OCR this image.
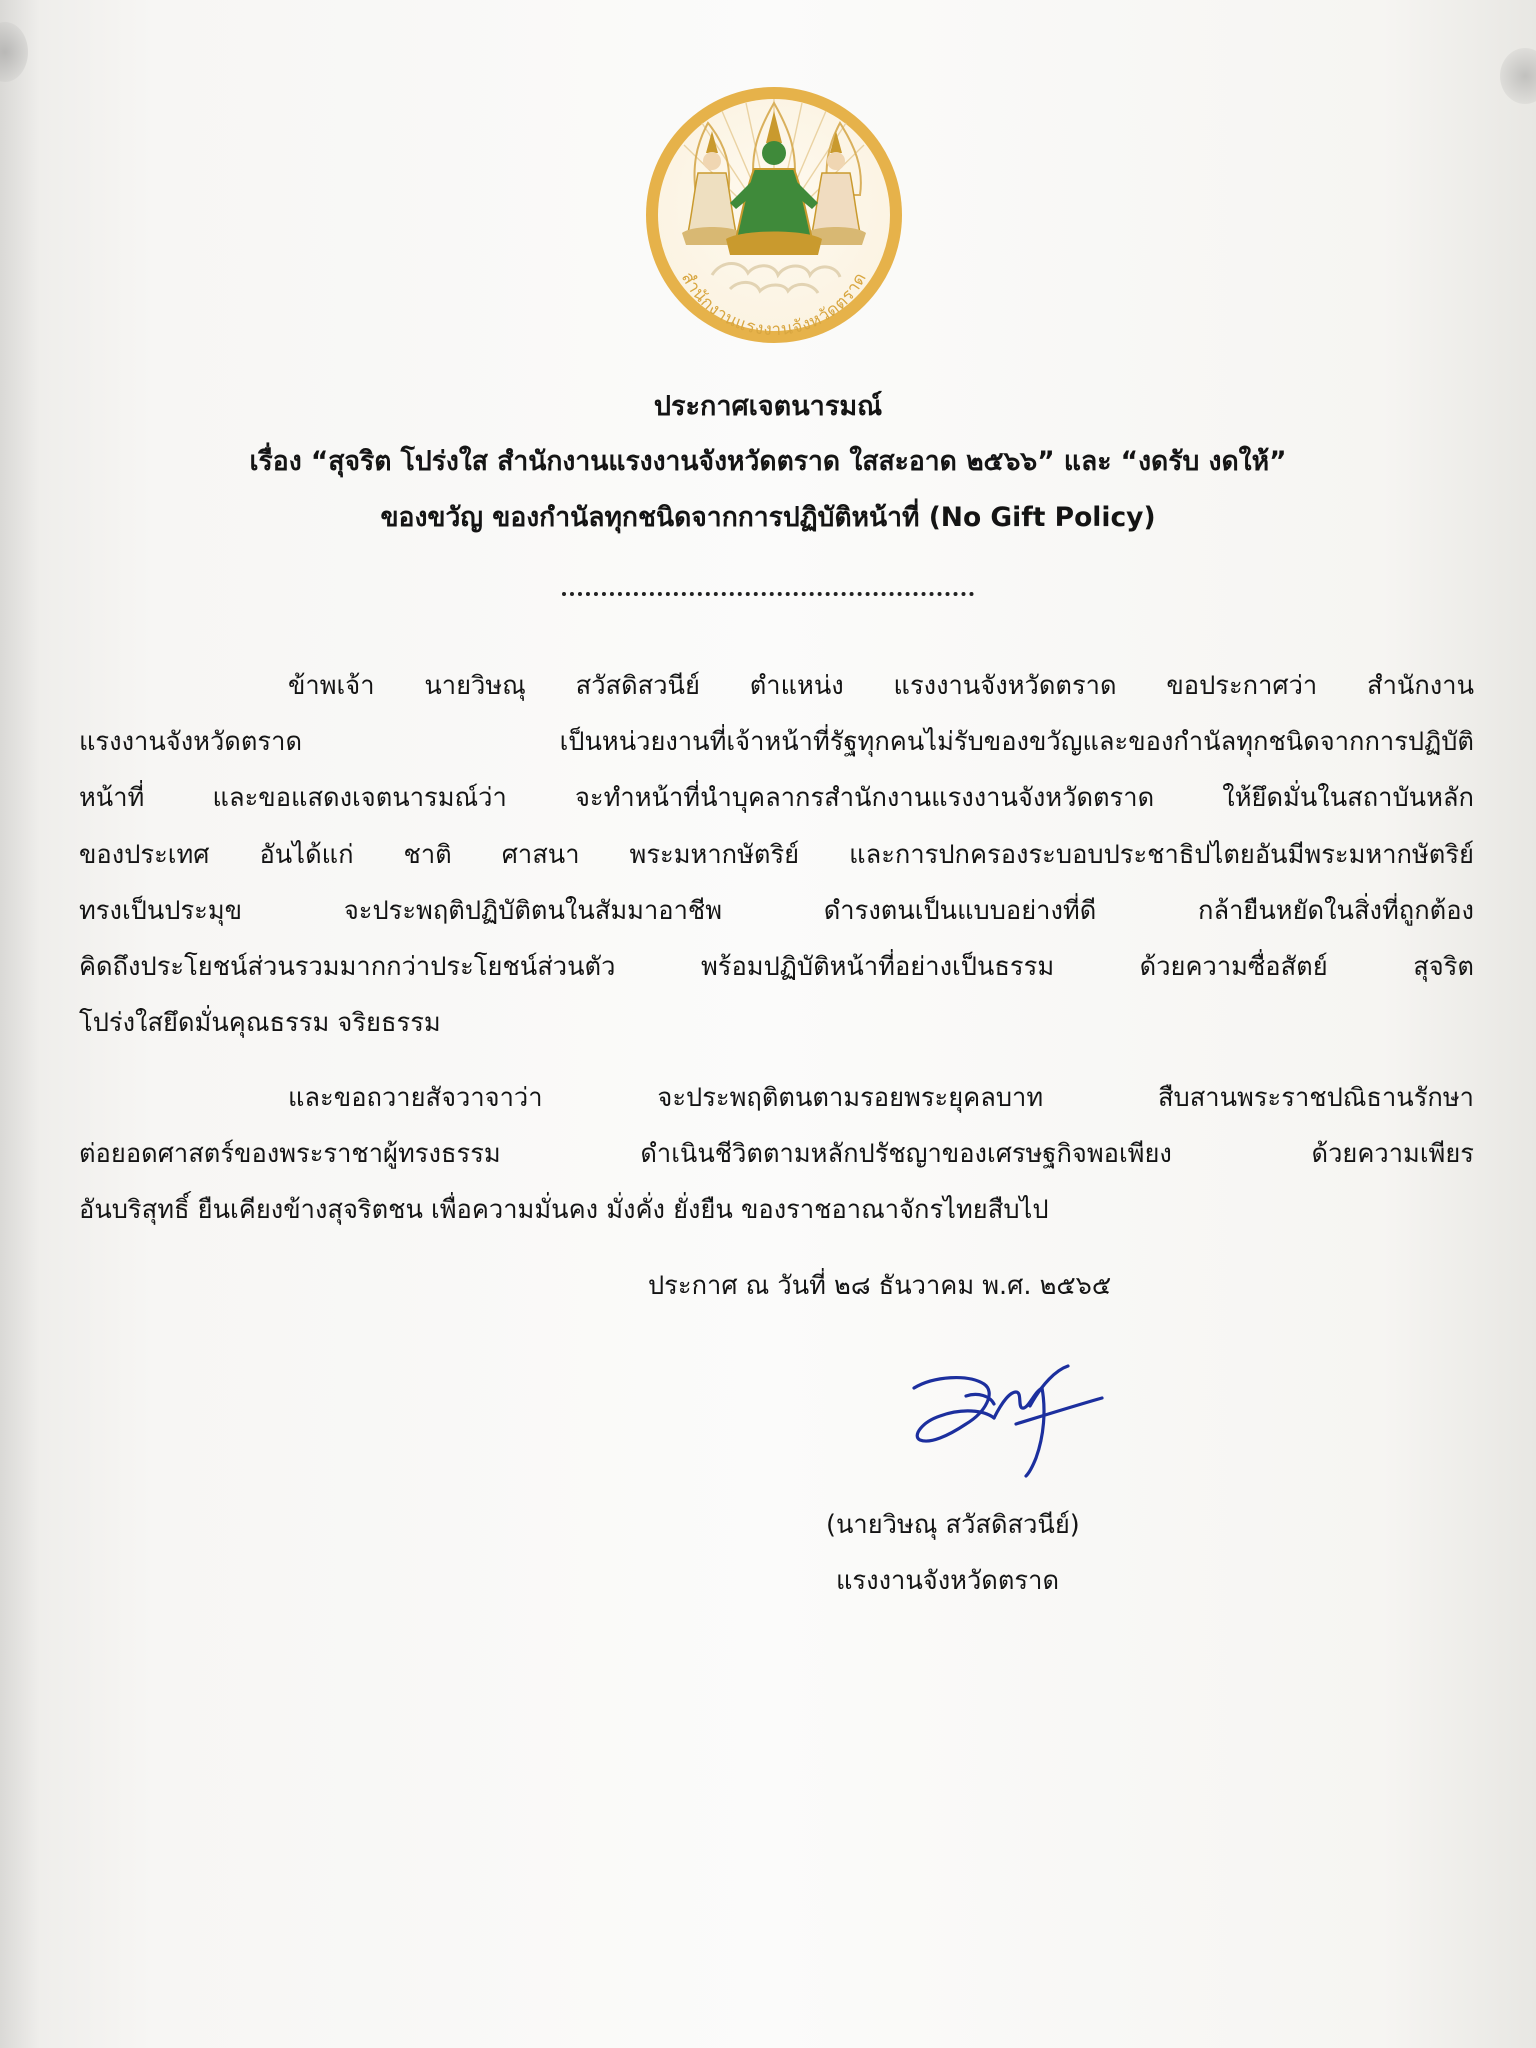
สำนักงานแรงงานจังหวัดตราด
ประกาศเจตนารมณ์
เรื่อง “สุจริต โปร่งใส สำนักงานแรงงานจังหวัดตราด ใสสะอาด ๒๕๖๖” และ “งดรับ งดให้”
ของขวัญ ของกำนัลทุกชนิดจากการปฏิบัติหน้าที่ (No Gift Policy)
ข้าพเจ้า นายวิษณุ สวัสดิสวนีย์ ตำแหน่ง แรงงานจังหวัดตราด ขอประกาศว่า สำนักงาน
แรงงานจังหวัดตราด เป็นหน่วยงานที่เจ้าหน้าที่รัฐทุกคนไม่รับของขวัญและของกำนัลทุกชนิดจากการปฏิบัติ
หน้าที่ และขอแสดงเจตนารมณ์ว่า จะทำหน้าที่นำบุคลากรสำนักงานแรงงานจังหวัดตราด ให้ยึดมั่นในสถาบันหลัก
ของประเทศ อันได้แก่ ชาติ ศาสนา พระมหากษัตริย์ และการปกครองระบอบประชาธิปไตยอันมีพระมหากษัตริย์
ทรงเป็นประมุข จะประพฤติปฏิบัติตนในสัมมาอาชีพ ดำรงตนเป็นแบบอย่างที่ดี กล้ายืนหยัดในสิ่งที่ถูกต้อง
คิดถึงประโยชน์ส่วนรวมมากกว่าประโยชน์ส่วนตัว พร้อมปฏิบัติหน้าที่อย่างเป็นธรรม ด้วยความซื่อสัตย์ สุจริต
โปร่งใสยึดมั่นคุณธรรม จริยธรรม
และขอถวายสัจวาจาว่า จะประพฤติตนตามรอยพระยุคลบาท สืบสานพระราชปณิธานรักษา
ต่อยอดศาสตร์ของพระราชาผู้ทรงธรรม ดำเนินชีวิตตามหลักปรัชญาของเศรษฐกิจพอเพียง ด้วยความเพียร
อันบริสุทธิ์ ยืนเคียงข้างสุจริตชน เพื่อความมั่นคง มั่งคั่ง ยั่งยืน ของราชอาณาจักรไทยสืบไป
ประกาศ ณ วันที่ ๒๘ ธันวาคม พ.ศ. ๒๕๖๕
(นายวิษณุ สวัสดิสวนีย์)
แรงงานจังหวัดตราด
